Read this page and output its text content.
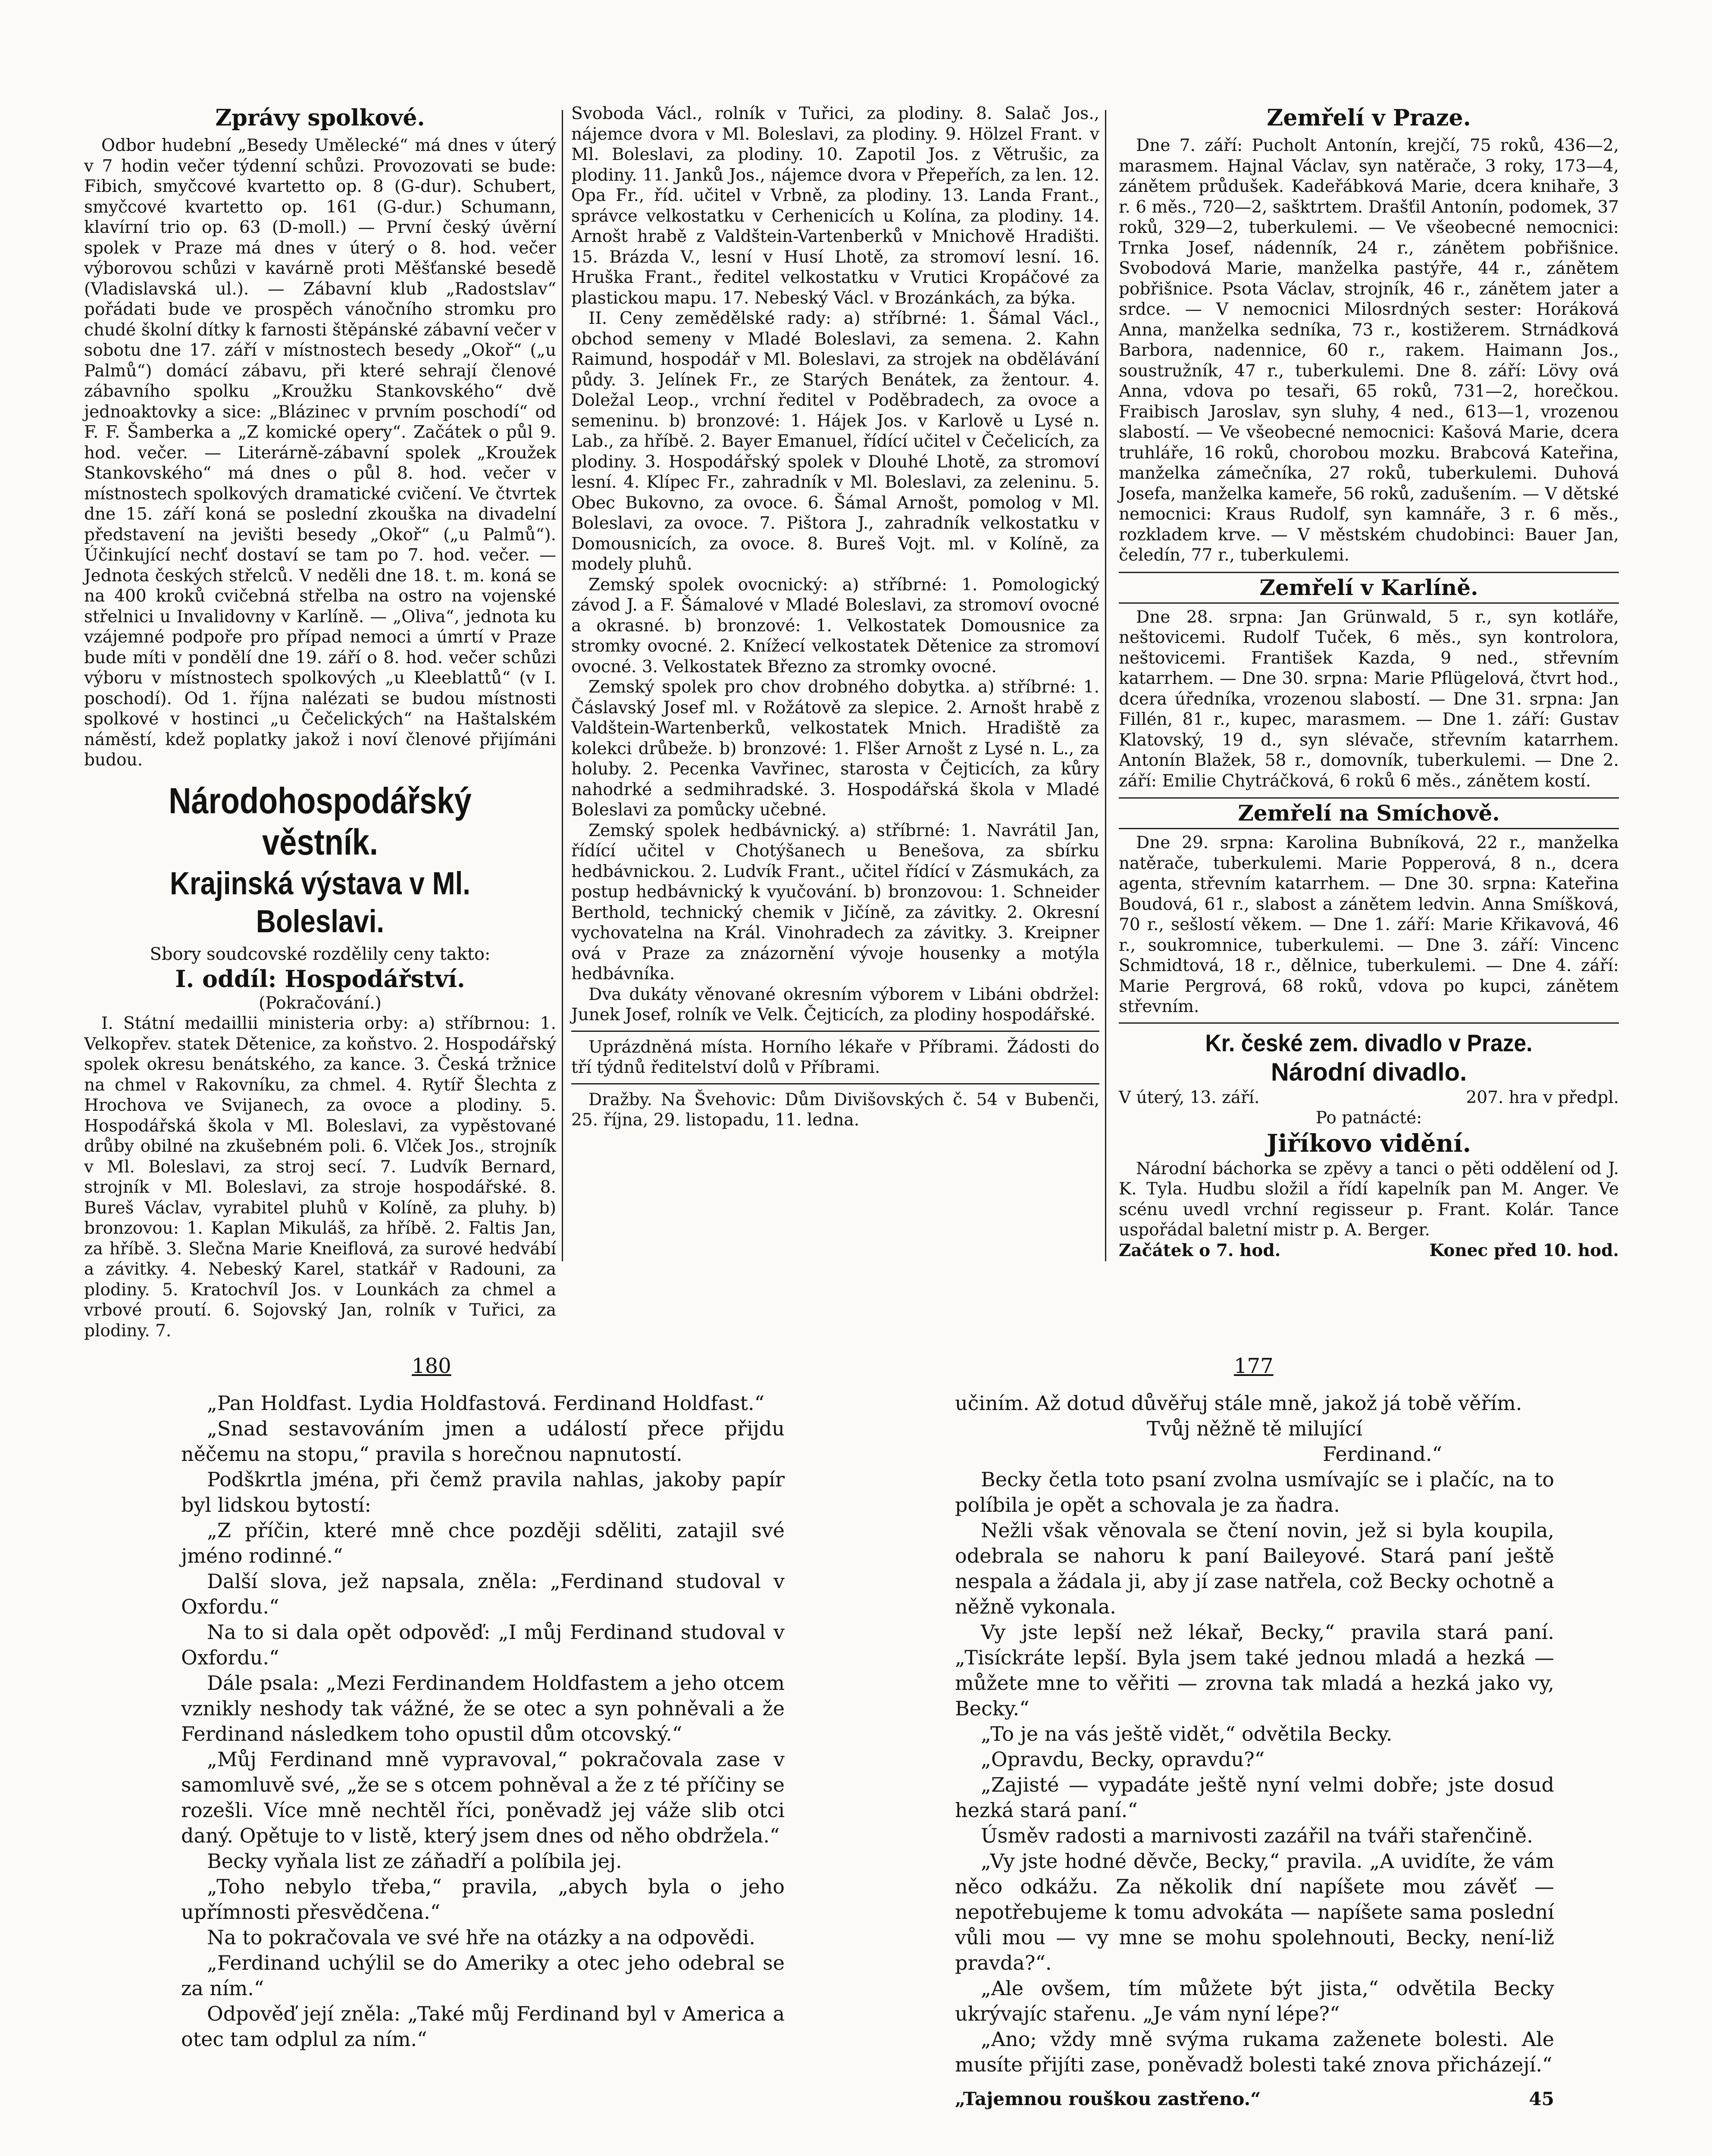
Zprávy spolkové.

Odbor hudební „Besedy Umělecké“ má dnes v úterý v 7 hodin večer týdenní schůzi. Provozovati se bude: Fibich, smyčcové kvartetto op. 8 (G-dur). Schubert, smyčcové kvartetto op. 161 (G-dur.) Schumann, klavírní trio op. 63 (D-moll.) — První český úvěrní spolek v Praze má dnes v úterý o 8. hod. večer výborovou schůzi v kavárně proti Měšťanské besedě (Vladislavská ul.). — Zábavní klub „Radostslav“ pořádati bude ve prospěch vánočního stromku pro chudé školní dítky k farnosti štěpánské zábavní večer v sobotu dne 17. září v místnostech besedy „Okoř“ („u Palmů“) domácí zábavu, při které sehrají členové zábavního spolku „Kroužku Stankovského“ dvě jednoaktovky a sice: „Blázinec v prvním poschodí“ od F. F. Šamberka a „Z komické opery“. Začátek o půl 9. hod. večer. — Literárně-zábavní spolek „Kroužek Stankovského“ má dnes o půl 8. hod. večer v místnostech spolkových dramatické cvičení. Ve čtvrtek dne 15. září koná se poslední zkouška na divadelní představení na jevišti besedy „Okoř“ („u Palmů“). Účinkující nechť dostaví se tam po 7. hod. večer. — Jednota českých střelců. V neděli dne 18. t. m. koná se na 400 kroků cvičebná střelba na ostro na vojenské střelnici u Invalidovny v Karlíně. — „Oliva“, jednota ku vzájemné podpoře pro případ nemoci a úmrtí v Praze bude míti v pondělí dne 19. září o 8. hod. večer schůzi výboru v místnostech spolkových „u Kleeblattů“ (v I. poschodí). Od 1. října nalézati se budou místnosti spolkové v hostinci „u Čečelických“ na Haštalském náměstí, kdež poplatky jakož i noví členové přijímáni budou.

Národohospodářský věstník.
Krajinská výstava v Ml. Boleslavi.
Sbory soudcovské rozdělily ceny takto:
I. oddíl: Hospodářství.
(Pokračování.)

I. Státní medaillii ministeria orby: a) stříbrnou: 1. Velkopřev. statek Dětenice, za koňstvo. 2. Hospodářský spolek okresu benátského, za kance. 3. Česká tržnice na chmel v Rakovníku, za chmel. 4. Rytíř Šlechta z Hrochova ve Svijanech, za ovoce a plodiny. 5. Hospodářská škola v Ml. Boleslavi, za vypěstované drůby obilné na zkušebném poli. 6. Vlček Jos., strojník v Ml. Boleslavi, za stroj secí. 7. Ludvík Bernard, strojník v Ml. Boleslavi, za stroje hospodářské. 8. Bureš Václav, vyrabitel pluhů v Kolíně, za pluhy. b) bronzovou: 1. Kaplan Mikuláš, za hříbě. 2. Faltis Jan, za hříbě. 3. Slečna Marie Kneiflová, za surové hedvábí a závitky. 4. Nebeský Karel, statkář v Radouni, za plodiny. 5. Kratochvíl Jos. v Lounkách za chmel a vrbové proutí. 6. Sojovský Jan, rolník v Tuřici, za plodiny. 7.

Svoboda Václ., rolník v Tuřici, za plodiny. 8. Salač Jos., nájemce dvora v Ml. Boleslavi, za plodiny. 9. Hölzel Frant. v Ml. Boleslavi, za plodiny. 10. Zapotil Jos. z Větrušic, za plodiny. 11. Janků Jos., nájemce dvora v Přepeřích, za len. 12. Opa Fr., říd. učitel v Vrbně, za plodiny. 13. Landa Frant., správce velkostatku v Cerhenicích u Kolína, za plodiny. 14. Arnošt hrabě z Valdštein-Vartenberků v Mnichově Hradišti. 15. Brázda V., lesní v Husí Lhotě, za stromoví lesní. 16. Hruška Frant., ředitel velkostatku v Vrutici Kropáčové za plastickou mapu. 17. Nebeský Václ. v Brozánkách, za býka.

II. Ceny zemědělské rady: a) stříbrné: 1. Šámal Václ., obchod semeny v Mladé Boleslavi, za semena. 2. Kahn Raimund, hospodář v Ml. Boleslavi, za strojek na obdělávání půdy. 3. Jelínek Fr., ze Starých Benátek, za žentour. 4. Doležal Leop., vrchní ředitel v Poděbradech, za ovoce a semeninu. b) bronzové: 1. Hájek Jos. v Karlově u Lysé n. Lab., za hříbě. 2. Bayer Emanuel, řídící učitel v Čečelicích, za plodiny. 3. Hospodářský spolek v Dlouhé Lhotě, za stromoví lesní. 4. Klípec Fr., zahradník v Ml. Boleslavi, za zeleninu. 5. Obec Bukovno, za ovoce. 6. Šámal Arnošt, pomolog v Ml. Boleslavi, za ovoce. 7. Pištora J., zahradník velkostatku v Domousnicích, za ovoce. 8. Bureš Vojt. ml. v Kolíně, za modely pluhů.

Zemský spolek ovocnický: a) stříbrné: 1. Pomologický závod J. a F. Šámalové v Mladé Boleslavi, za stromoví ovocné a okrasné. b) bronzové: 1. Velkostatek Domousnice za stromky ovocné. 2. Knížecí velkostatek Dětenice za stromoví ovocné. 3. Velkostatek Březno za stromky ovocné.

Zemský spolek pro chov drobného dobytka. a) stříbrné: 1. Čáslavský Josef ml. v Rožátově za slepice. 2. Arnošt hrabě z Valdštein-Wartenberků, velkostatek Mnich. Hradiště za kolekci drůbeže. b) bronzové: 1. Flšer Arnošt z Lysé n. L., za holuby. 2. Pecenka Vavřinec, starosta v Čejticích, za kůry nahodrké a sedmihradské. 3. Hospodářská škola v Mladé Boleslavi za pomůcky učebné.

Zemský spolek hedbávnický. a) stříbrné: 1. Navrátil Jan, řídící učitel v Chotýšanech u Benešova, za sbírku hedbávnickou. 2. Ludvík Frant., učitel řídící v Zásmukách, za postup hedbávnický k vyučování. b) bronzovou: 1. Schneider Berthold, technický chemik v Jičíně, za závitky. 2. Okresní vychovatelna na Král. Vinohradech za závitky. 3. Kreipner ová v Praze za znázornění vývoje housenky a motýla hedbávníka.

Dva dukáty věnované okresním výborem v Libáni obdržel: Junek Josef, rolník ve Velk. Čejticích, za plodiny hospodářské.

Uprázdněná místa. Horního lékaře v Příbrami. Žádosti do tří týdnů ředitelství dolů v Příbrami.

Dražby. Na Švehovic: Dům Divišovských č. 54 v Bubenči, 25. října, 29. listopadu, 11. ledna.

Zemřelí v Praze.

Dne 7. září: Pucholt Antonín, krejčí, 75 roků, 436—2, marasmem. Hajnal Václav, syn natěrače, 3 roky, 173—4, zánětem průdušek. Kadeřábková Marie, dcera knihaře, 3 r. 6 měs., 720—2, sašktrtem. Drašťil Antonín, podomek, 37 roků, 329—2, tuberkulemi. — Ve všeobecné nemocnici: Trnka Josef, nádenník, 24 r., zánětem pobřišnice. Svobodová Marie, manželka pastýře, 44 r., zánětem pobřišnice. Psota Václav, strojník, 46 r., zánětem jater a srdce. — V nemocnici Milosrdných sester: Horáková Anna, manželka sedníka, 73 r., kostižerem. Strnádková Barbora, nadennice, 60 r., rakem. Haimann Jos., soustružník, 47 r., tuberkulemi. Dne 8. září: Lövy ová Anna, vdova po tesaři, 65 roků, 731—2, horečkou. Fraibisch Jaroslav, syn sluhy, 4 ned., 613—1, vrozenou slabostí. — Ve všeobecné nemocnici: Kašová Marie, dcera truhláře, 16 roků, chorobou mozku. Brabcová Kateřina, manželka zámečníka, 27 roků, tuberkulemi. Duhová Josefa, manželka kameře, 56 roků, zadušením. — V dětské nemocnici: Kraus Rudolf, syn kamnáře, 3 r. 6 měs., rozkladem krve. — V městském chudobinci: Bauer Jan, čeledín, 77 r., tuberkulemi.

Zemřelí v Karlíně.

Dne 28. srpna: Jan Grünwald, 5 r., syn kotláře, neštovicemi. Rudolf Tuček, 6 měs., syn kontrolora, neštovicemi. František Kazda, 9 ned., střevním katarrhem. — Dne 30. srpna: Marie Pflügelová, čtvrt hod., dcera úředníka, vrozenou slabostí. — Dne 31. srpna: Jan Fillén, 81 r., kupec, marasmem. — Dne 1. září: Gustav Klatovský, 19 d., syn slévače, střevním katarrhem. Antonín Blažek, 58 r., domovník, tuberkulemi. — Dne 2. září: Emilie Chytráčková, 6 roků 6 měs., zánětem kostí.

Zemřelí na Smíchově.

Dne 29. srpna: Karolina Bubníková, 22 r., manželka natěrače, tuberkulemi. Marie Popperová, 8 n., dcera agenta, střevním katarrhem. — Dne 30. srpna: Kateřina Boudová, 61 r., slabost a zánětem ledvin. Anna Smíšková, 70 r., sešlostí věkem. — Dne 1. září: Marie Křikavová, 46 r., soukromnice, tuberkulemi. — Dne 3. září: Vincenc Schmidtová, 18 r., dělnice, tuberkulemi. — Dne 4. září: Marie Pergrová, 68 roků, vdova po kupci, zánětem střevním.

Kr. české zem. divadlo v Praze.
Národní divadlo.
V úterý, 13. září.	207. hra v předpl.
Po patnácté:
Jiříkovo vidění.

Národní báchorka se zpěvy a tanci o pěti oddělení od J. K. Tyla. Hudbu složil a řídí kapelník pan M. Anger. Ve scénu uvedl vrchní regisseur p. Frant. Kolár. Tance uspořádal baletní mistr p. A. Berger.

Začátek o 7. hod.	Konec před 10. hod.
180	177

„Pan Holdfast. Lydia Holdfastová. Ferdinand Holdfast.“

„Snad sestavováním jmen a událostí přece přijdu něčemu na stopu,“ pravila s horečnou napnutostí.

Podškrtla jména, při čemž pravila nahlas, jakoby papír byl lidskou bytostí:

„Z příčin, které mně chce později sděliti, zatajil své jméno rodinné.“

Další slova, jež napsala, zněla: „Ferdinand studoval v Oxfordu.“

Na to si dala opět odpověď: „I můj Ferdinand studoval v Oxfordu.“

Dále psala: „Mezi Ferdinandem Holdfastem a jeho otcem vznikly neshody tak vážné, že se otec a syn pohněvali a že Ferdinand následkem toho opustil dům otcovský.“

„Můj Ferdinand mně vypravoval,“ pokračovala zase v samomluvě své, „že se s otcem pohněval a že z té příčiny se rozešli. Více mně nechtěl říci, poněvadž jej váže slib otci daný. Opětuje to v listě, který jsem dnes od něho obdržela.“

Becky vyňala list ze záňadří a políbila jej.

„Toho nebylo třeba,“ pravila, „abych byla o jeho upřímnosti přesvědčena.“

Na to pokračovala ve své hře na otázky a na odpovědi.

„Ferdinand uchýlil se do Ameriky a otec jeho odebral se za ním.“

Odpověď její zněla: „Také můj Ferdinand byl v America a otec tam odplul za ním.“

učiním. Až dotud důvěřuj stále mně, jakož já tobě věřím.

Tvůj něžně tě milující

Ferdinand.“

Becky četla toto psaní zvolna usmívajíc se i plačíc, na to políbila je opět a schovala je za ňadra.

Nežli však věnovala se čtení novin, jež si byla koupila, odebrala se nahoru k paní Baileyové. Stará paní ještě nespala a žádala ji, aby jí zase natřela, což Becky ochotně a něžně vykonala.

Vy jste lepší než lékař, Becky,“ pravila stará paní. „Tisíckráte lepší. Byla jsem také jednou mladá a hezká — můžete mne to věřiti — zrovna tak mladá a hezká jako vy, Becky.“

„To je na vás ještě vidět,“ odvětila Becky.

„Opravdu, Becky, opravdu?“

„Zajisté — vypadáte ještě nyní velmi dobře; jste dosud hezká stará paní.“

Úsměv radosti a marnivosti zazářil na tváři stařenčině.

„Vy jste hodné děvče, Becky,“ pravila. „A uvidíte, že vám něco odkážu. Za několik dní napíšete mou závěť — nepotřebujeme k tomu advokáta — napíšete sama poslední vůli mou — vy mne se mohu spolehnouti, Becky, není-liž pravda?“.

„Ale ovšem, tím můžete být jista,“ odvětila Becky ukrývajíc stařenu. „Je vám nyní lépe?“

„Ano; vždy mně svýma rukama zaženete bolesti. Ale musíte přijíti zase, poněvadž bolesti také znova přicházejí.“

„Tajemnou rouškou zastřeno.“	45
